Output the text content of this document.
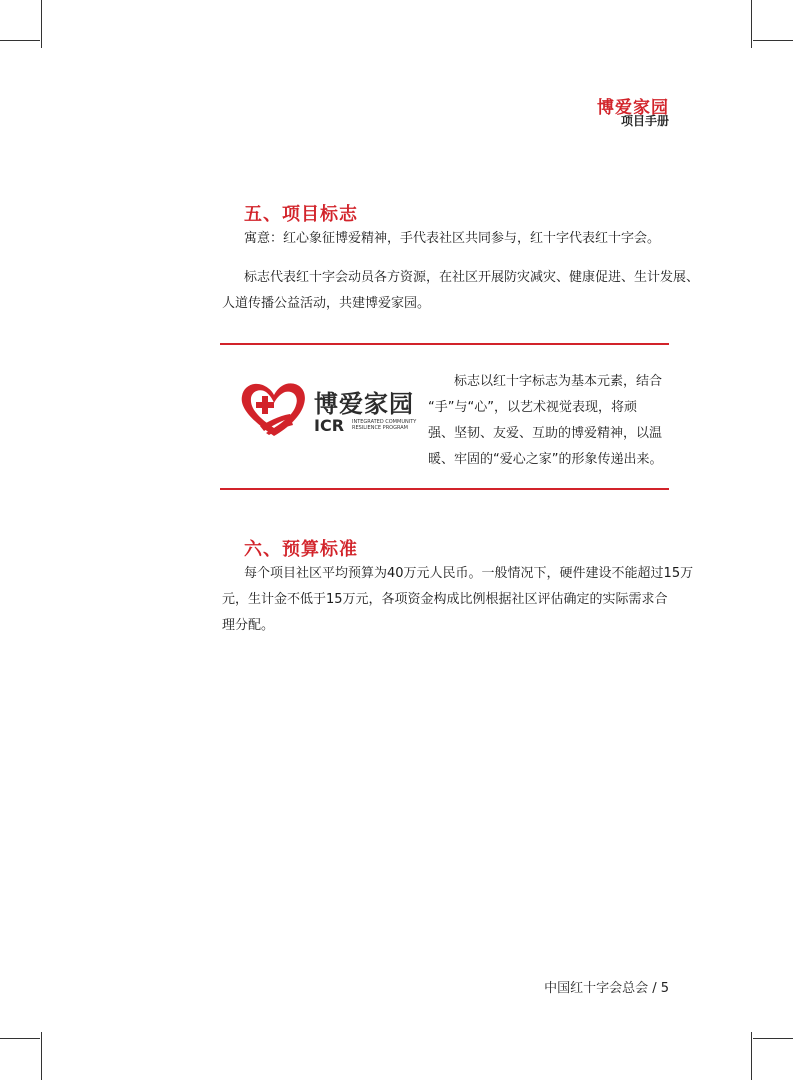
博爱家园
项目手册
五、项目标志
寓意：红心象征博爱精神，手代表社区共同参与，红十字代表红十字会。
标志代表红十字会动员各方资源，在社区开展防灾减灾、健康促进、生计发展、
人道传播公益活动，共建博爱家园。
博爱家园
ICR INTEGRATED COMMUNITY
RESILIENCE PROGRAM
标志以红十字标志为基本元素，结合
“手”与“心”，以艺术视觉表现，将顽
强、坚韧、友爱、互助的博爱精神，以温
暖、牢固的“爱心之家”的形象传递出来。
六、预算标准
每个项目社区平均预算为40万元人民币。一般情况下，硬件建设不能超过15万
元，生计金不低于15万元，各项资金构成比例根据社区评估确定的实际需求合
理分配。
中国红十字会总会 / 5
